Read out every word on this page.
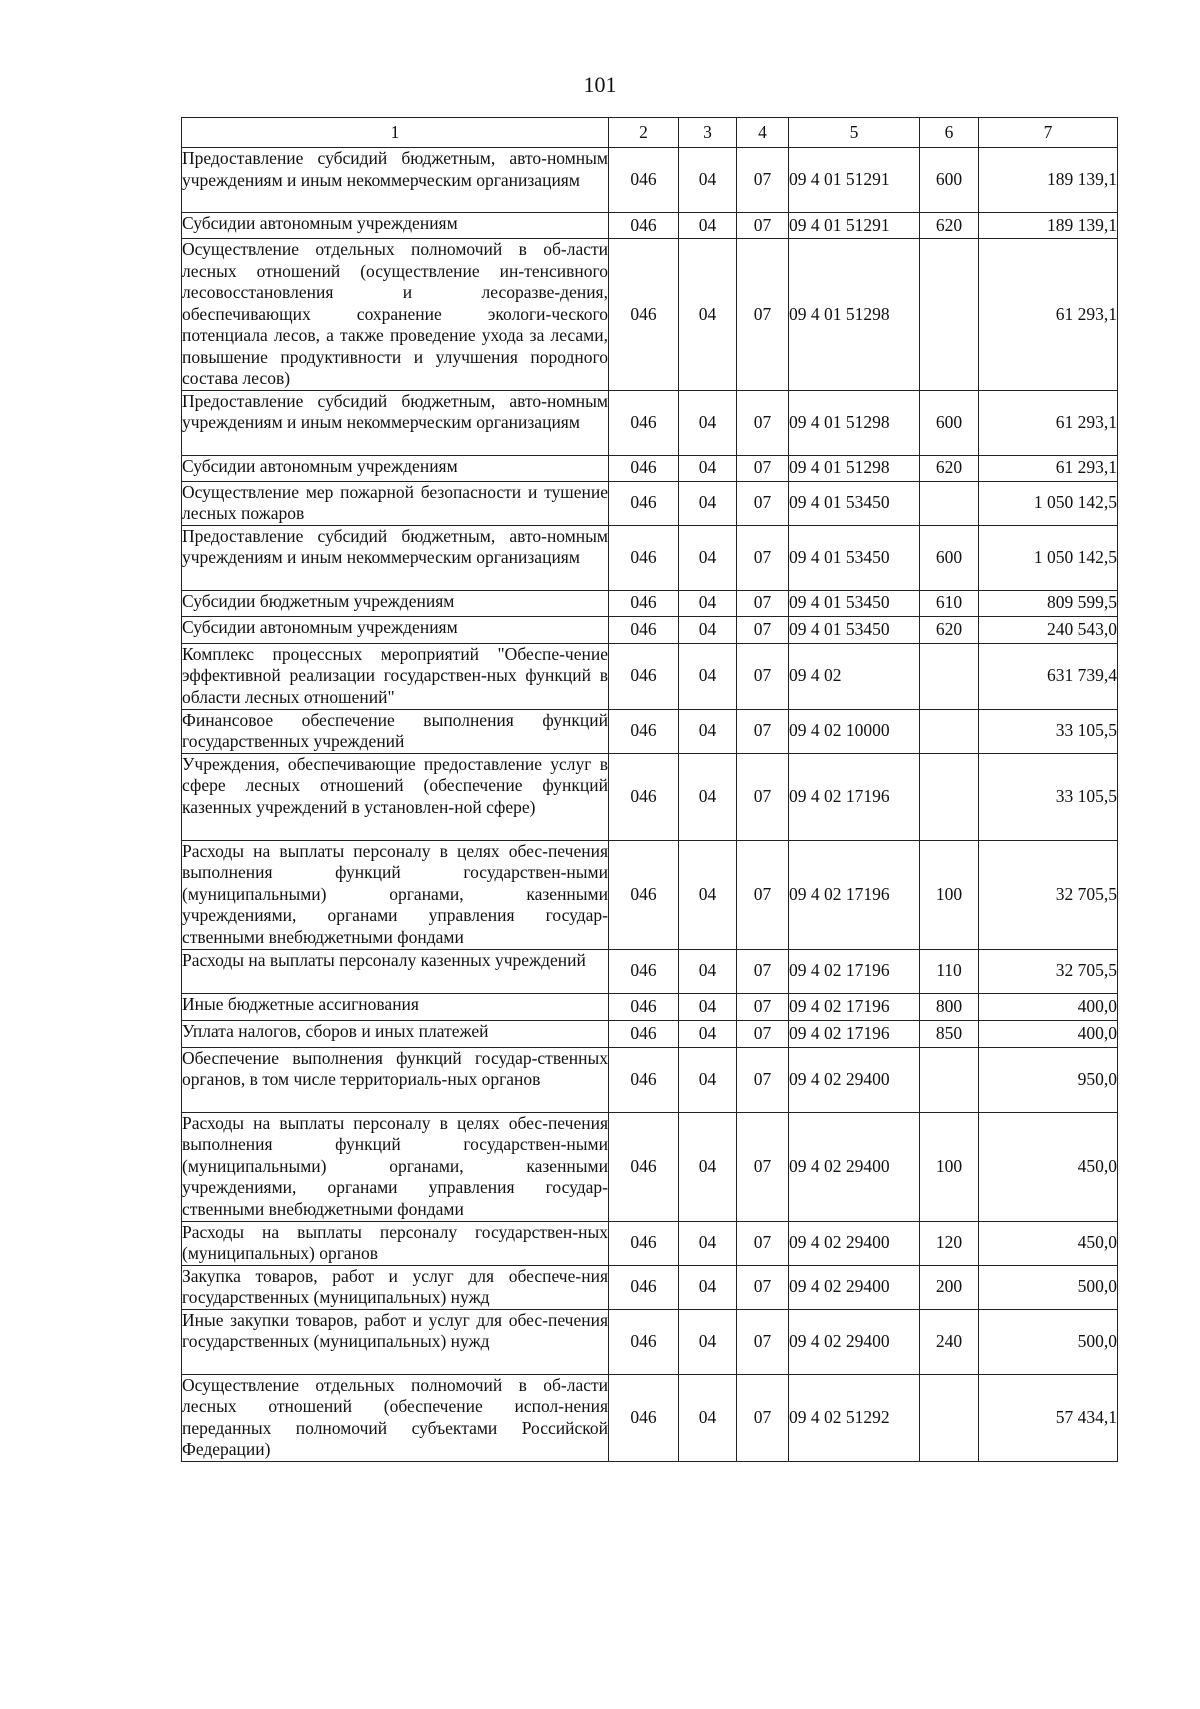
101
1	2	3	4	5	6	7
Предоставление субсидий бюджетным, авто-номным учреждениям и иным некоммерческим организациям	046	04	07	09 4 01 51291	600	189 139,1
Субсидии автономным учреждениям	046	04	07	09 4 01 51291	620	189 139,1
Осуществление отдельных полномочий в об-ласти лесных отношений (осуществление ин-тенсивного лесовосстановления и лесоразве-дения, обеспечивающих сохранение экологи-ческого потенциала лесов, а также проведение ухода за лесами, повышение продуктивности и улучшения породного состава лесов)	046	04	07	09 4 01 51298		61 293,1
Предоставление субсидий бюджетным, авто-номным учреждениям и иным некоммерческим организациям	046	04	07	09 4 01 51298	600	61 293,1
Субсидии автономным учреждениям	046	04	07	09 4 01 51298	620	61 293,1
Осуществление мер пожарной безопасности и тушение лесных пожаров	046	04	07	09 4 01 53450		1 050 142,5
Предоставление субсидий бюджетным, авто-номным учреждениям и иным некоммерческим организациям	046	04	07	09 4 01 53450	600	1 050 142,5
Субсидии бюджетным учреждениям	046	04	07	09 4 01 53450	610	809 599,5
Субсидии автономным учреждениям	046	04	07	09 4 01 53450	620	240 543,0
Комплекс процессных мероприятий "Обеспе-чение эффективной реализации государствен-ных функций в области лесных отношений"	046	04	07	09 4 02		631 739,4
Финансовое обеспечение выполнения функций государственных учреждений	046	04	07	09 4 02 10000		33 105,5
Учреждения, обеспечивающие предоставление услуг в сфере лесных отношений (обеспечение функций казенных учреждений в установлен-ной сфере)	046	04	07	09 4 02 17196		33 105,5
Расходы на выплаты персоналу в целях обес-печения выполнения функций государствен-ными (муниципальными) органами, казенными учреждениями, органами управления государ-ственными внебюджетными фондами	046	04	07	09 4 02 17196	100	32 705,5
Расходы на выплаты персоналу казенных учреждений	046	04	07	09 4 02 17196	110	32 705,5
Иные бюджетные ассигнования	046	04	07	09 4 02 17196	800	400,0
Уплата налогов, сборов и иных платежей	046	04	07	09 4 02 17196	850	400,0
Обеспечение выполнения функций государ-ственных органов, в том числе территориаль-ных органов	046	04	07	09 4 02 29400		950,0
Расходы на выплаты персоналу в целях обес-печения выполнения функций государствен-ными (муниципальными) органами, казенными учреждениями, органами управления государ-ственными внебюджетными фондами	046	04	07	09 4 02 29400	100	450,0
Расходы на выплаты персоналу государствен-ных (муниципальных) органов	046	04	07	09 4 02 29400	120	450,0
Закупка товаров, работ и услуг для обеспече-ния государственных (муниципальных) нужд	046	04	07	09 4 02 29400	200	500,0
Иные закупки товаров, работ и услуг для обес-печения государственных (муниципальных) нужд	046	04	07	09 4 02 29400	240	500,0
Осуществление отдельных полномочий в об-ласти лесных отношений (обеспечение испол-нения переданных полномочий субъектами Российской Федерации)	046	04	07	09 4 02 51292		57 434,1
